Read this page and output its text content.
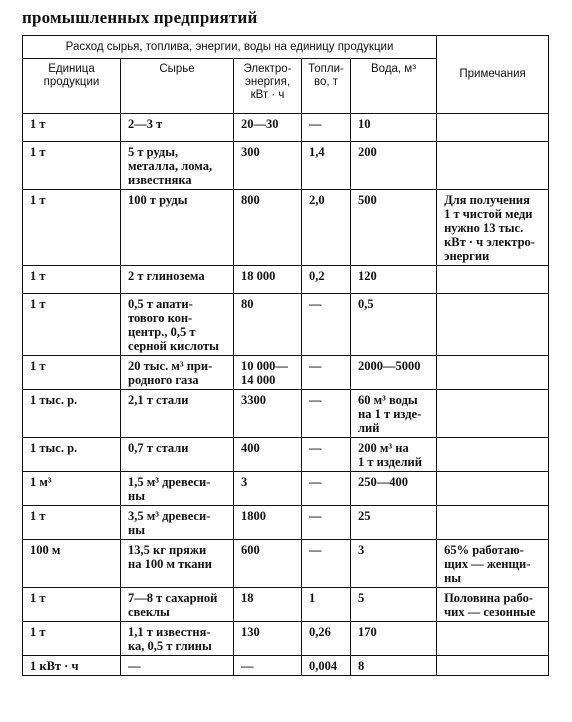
промышленных предприятий
Расход сырья, топлива, энергии, воды на единицу продукции					Примечания
Единица продукции	Сырье	Электро- энергия, кВт · ч	Топли- во, т	Вода, м³	
1 т	2—3 т	20—30	—	10	
1 т	5 т руды,
металла, лома,
известняка	300	1,4	200	
1 т	100 т руды	800	2,0	500	Для получения
1 т чистой меди
нужно 13 тыс.
кВт · ч электро-
энергии
1 т	2 т глинозема	18 000	0,2	120	
1 т	0,5 т апати-
тового кон-
центр., 0,5 т
серной кислоты	80	—	0,5	
1 т	20 тыс. м³ при-
родного газа	10 000—
14 000	—	2000—5000	
1 тыс. р.	2,1 т стали	3300	—	60 м³ воды
на 1 т изде-
лий	
1 тыс. р.	0,7 т стали	400	—	200 м³ на
1 т изделий	
1 м³	1,5 м³ древеси-
ны	3	—	250—400	
1 т	3,5 м³ древеси-
ны	1800	—	25	
100 м	13,5 кг пряжи
на 100 м ткани	600	—	3	65% работаю-
щих — женщи-
ны
1 т	7—8 т сахарной
свеклы	18	1	5	Половина рабо-
чих — сезонные
1 т	1,1 т известня-
ка, 0,5 т глины	130	0,26	170	
1 кВт · ч	—	—	0,004	8	
